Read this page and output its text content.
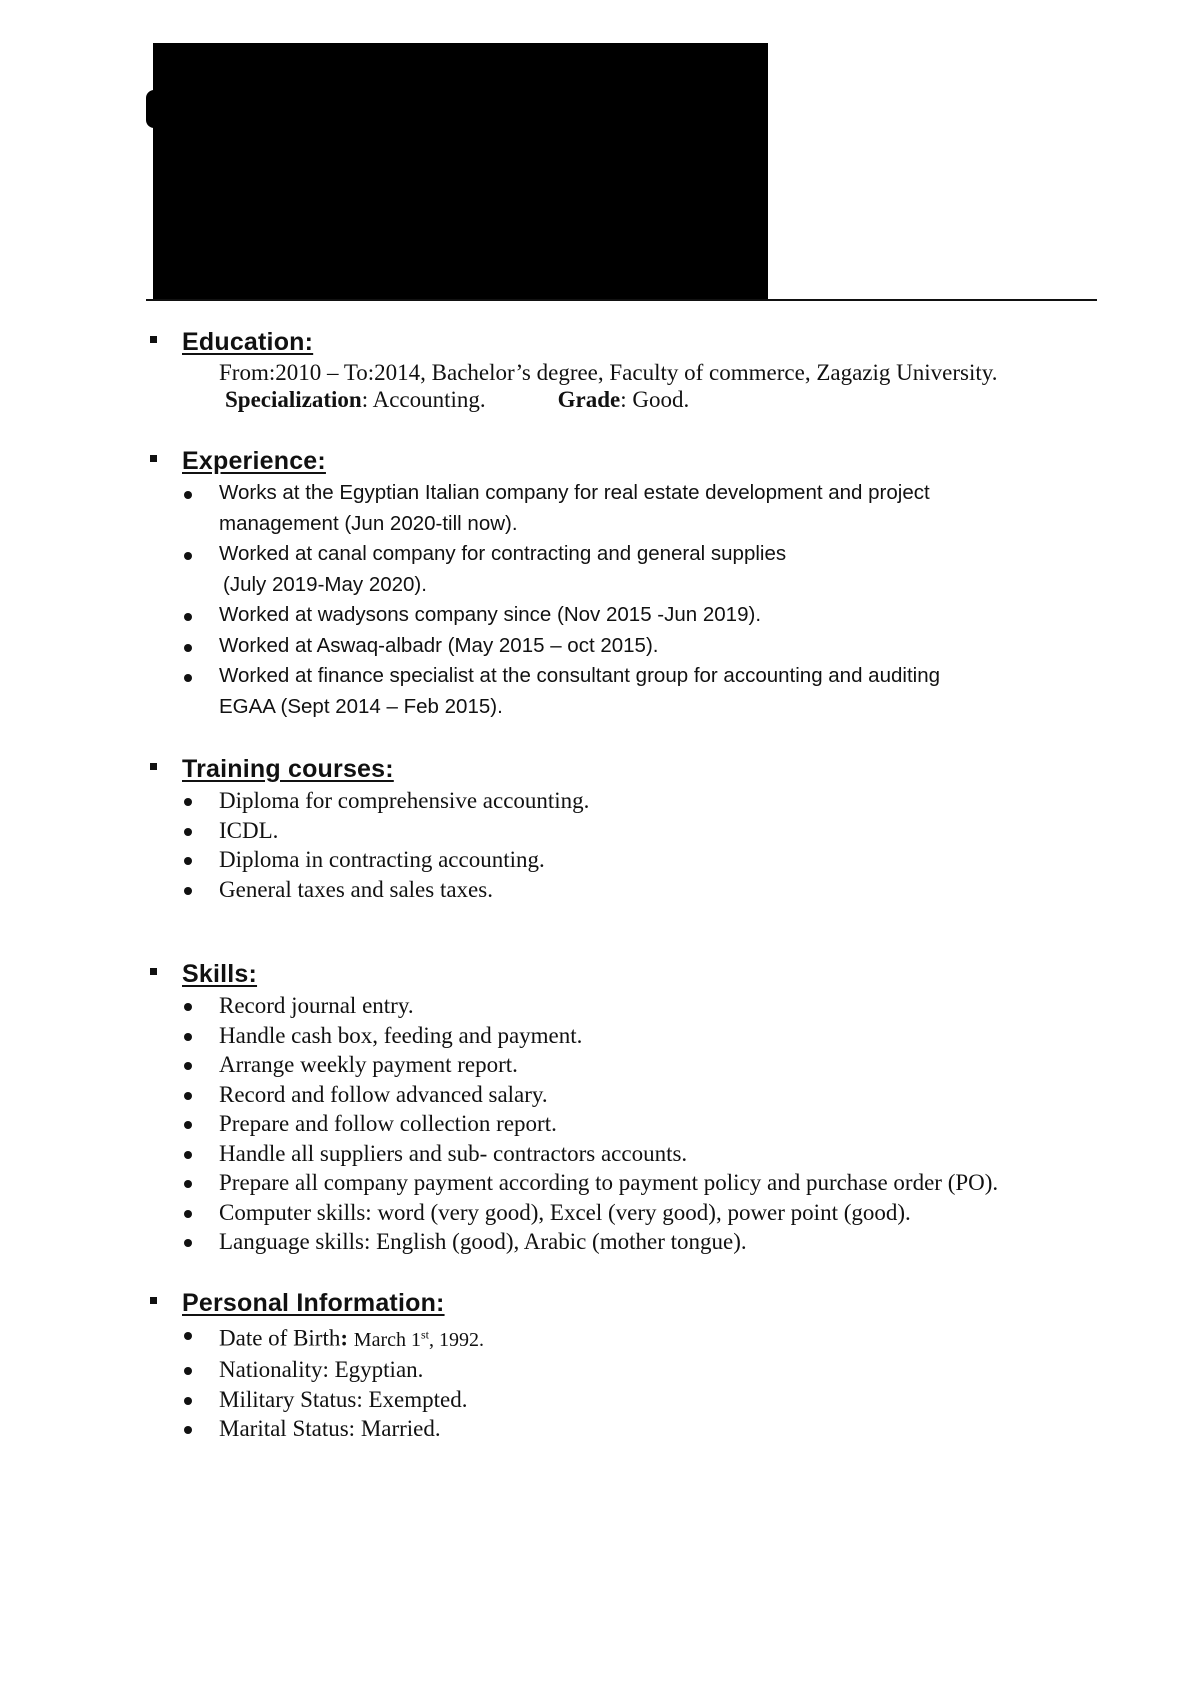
Education:
From:2010 – To:2014, Bachelor’s degree, Faculty of commerce, Zagazig University.
Specialization: Accounting.	Grade: Good.
Experience:
Works at the Egyptian Italian company for real estate development and project
management (Jun 2020-till now).
Worked at canal company for contracting and general supplies
(July 2019-May 2020).
Worked at wadysons company since (Nov 2015 -Jun 2019).
Worked at Aswaq-albadr (May 2015 – oct 2015).
Worked at finance specialist at the consultant group for accounting and auditing
EGAA (Sept 2014 – Feb 2015).
Training courses:
Diploma for comprehensive accounting.
ICDL.
Diploma in contracting accounting.
General taxes and sales taxes.
Skills:
Record journal entry.
Handle cash box, feeding and payment.
Arrange weekly payment report.
Record and follow advanced salary.
Prepare and follow collection report.
Handle all suppliers and sub- contractors accounts.
Prepare all company payment according to payment policy and purchase order (PO).
Computer skills: word (very good), Excel (very good), power point (good).
Language skills: English (good), Arabic (mother tongue).
Personal Information:
Date of Birth: March 1st, 1992.
Nationality: Egyptian.
Military Status: Exempted.
Marital Status: Married.
